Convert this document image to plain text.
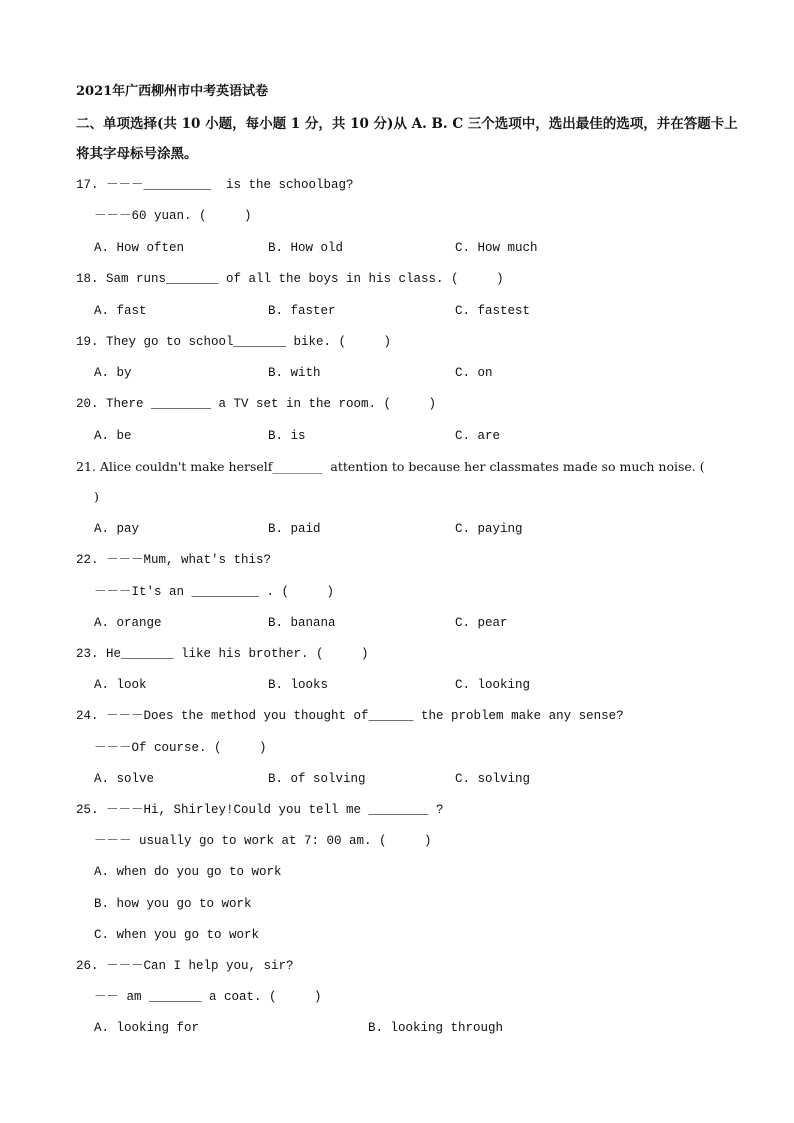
2021年广西柳州市中考英语试卷
二、单项选择(共 10 小题，每小题 1 分，共 10 分)从 A. B. C 三个选项中，选出最佳的选项，并在答题卡上
将其字母标号涂黑。
17. －－－_________  is the schoolbag?
－－－60 yuan. (     )
A. How often	B. How old	C. How much
18. Sam runs_______ of all the boys in his class. (     )
A. fast	B. faster	C. fastest
19. They go to school_______ bike. (     )
A. by	B. with	C. on
20. There ________ a TV set in the room. (     )
A. be	B. is	C. are
21. Alice couldn't make herself________  attention to because her classmates made so much noise. (
)
A. pay	B. paid	C. paying
22. －－－Mum, what's this?
－－－It's an _________ . (     )
A. orange	B. banana	C. pear
23. He_______ like his brother. (     )
A. look	B. looks	C. looking
24. －－－Does the method you thought of______ the problem make any sense?
－－－Of course. (     )
A. solve	B. of solving	C. solving
25. －－－Hi, Shirley!Could you tell me ________ ?
－－－ usually go to work at 7: 00 am. (     )
A. when do you go to work
B. how you go to work
C. when you go to work
26. －－－Can I help you, sir?
－－ am _______ a coat. (     )
A. looking for	B. looking through
